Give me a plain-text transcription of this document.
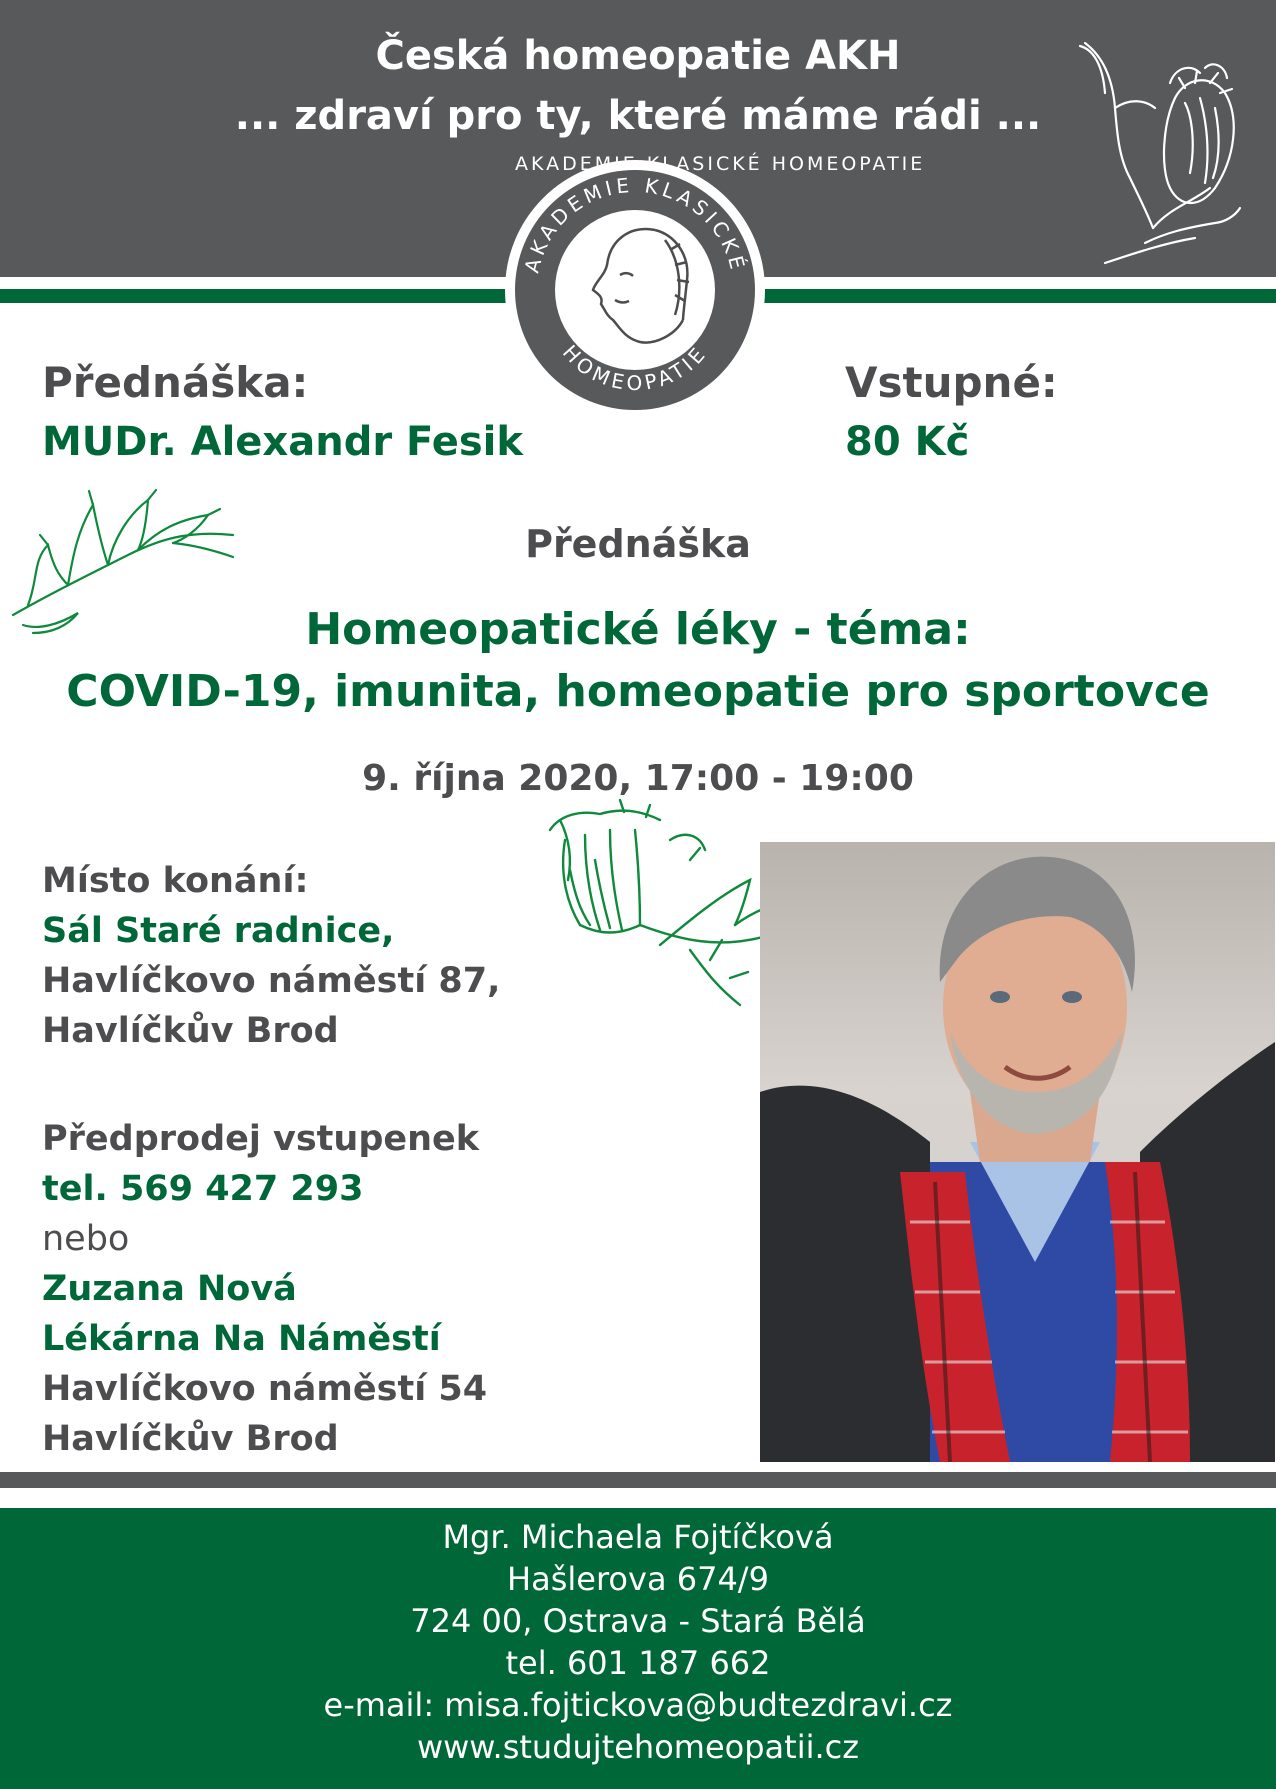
Česká homeopatie AKH
... zdraví pro ty, které máme rádi ...
AKADEMIE KLASICKÉ HOMEOPATIE
AKADEMIE KLASICKÉ
HOMEOPATIE
Přednáška:
MUDr. Alexandr Fesik
Vstupné:
80 Kč
Přednáška
Homeopatické léky - téma:
COVID-19, imunita, homeopatie pro sportovce
9. října 2020, 17:00 - 19:00
Místo konání:
Sál Staré radnice,
Havlíčkovo náměstí 87,
Havlíčkův Brod
Předprodej vstupenek
tel. 569 427 293
nebo
Zuzana Nová
Lékárna Na Náměstí
Havlíčkovo náměstí 54
Havlíčkův Brod
Mgr. Michaela Fojtíčková
Hašlerova 674/9
724 00, Ostrava - Stará Bělá
tel. 601 187 662
e-mail: misa.fojtickova@budtezdravi.cz
www.studujtehomeopatii.cz
